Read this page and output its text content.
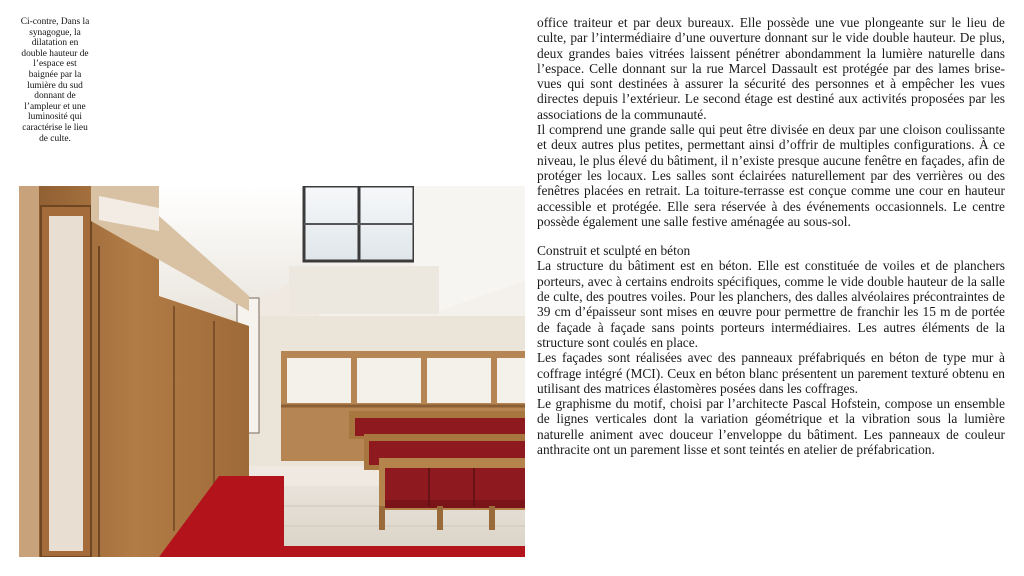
Ci-contre, Dans la synagogue, la dilatation en double hauteur de l’espace est baignée par la lumière du sud donnant de l’ampleur et une luminosité qui caractérise le lieu de culte.

office traiteur et par deux bureaux. Elle possède une vue plongeante sur le lieu de culte, par l’intermédiaire d’une ouverture donnant sur le vide double hauteur. De plus, deux grandes baies vitrées laissent pénétrer abondamment la lumière naturelle dans l’espace. Celle donnant sur la rue Marcel Dassault est protégée par des lames brise-vues qui sont destinées à assurer la sécurité des personnes et à empêcher les vues directes depuis l’extérieur. Le second étage est destiné aux activités proposées par les associations de la communauté.

Il comprend une grande salle qui peut être divisée en deux par une cloison coulissante et deux autres plus petites, permettant ainsi d’offrir de multiples configurations. À ce niveau, le plus élevé du bâtiment, il n’existe presque aucune fenêtre en façades, afin de protéger les locaux. Les salles sont éclairées naturellement par des verrières ou des fenêtres placées en retrait. La toiture-terrasse est conçue comme une cour en hauteur accessible et protégée. Elle sera réservée à des événements occasionnels. Le centre possède également une salle festive aménagée au sous-sol.

Construit et sculpté en béton

La structure du bâtiment est en béton. Elle est constituée de voiles et de planchers porteurs, avec à certains endroits spécifiques, comme le vide double hauteur de la salle de culte, des poutres voiles. Pour les planchers, des dalles alvéolaires précontraintes de 39 cm d’épaisseur sont mises en œuvre pour permettre de franchir les 15 m de portée de façade à façade sans points porteurs intermédiaires. Les autres éléments de la structure sont coulés en place.

Les façades sont réalisées avec des panneaux préfabriqués en béton de type mur à coffrage intégré (MCI). Ceux en béton blanc présentent un parement texturé obtenu en utilisant des matrices élastomères posées dans les coffrages.

Le graphisme du motif, choisi par l’architecte Pascal Hofstein, compose un ensemble de lignes verticales dont la variation géométrique et la vibration sous la lumière naturelle animent avec douceur l’enveloppe du bâtiment. Les panneaux de couleur anthracite ont un parement lisse et sont teintés en atelier de préfabrication.
